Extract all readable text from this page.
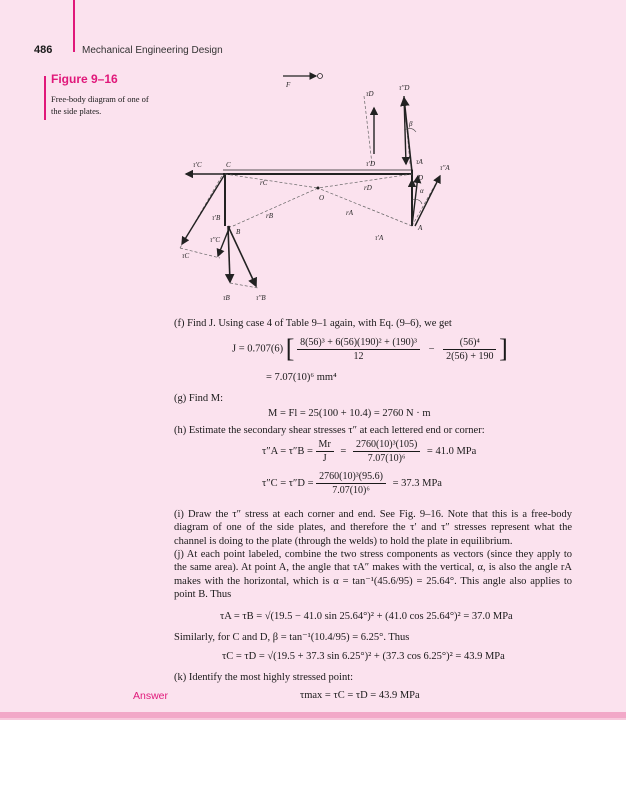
486	Mechanical Engineering Design
Figure 9–16
Free-body diagram of one of the side plates.
F
τD
τ″D
τ′D
β
τA
τ″A
D
α
rD
rA
A
τ′A
O
τ′C	C
rC
rB
τ′B
B
τ″C
τC
τB	τ″B
(f) Find J. Using case 4 of Table 9–1 again, with Eq. (9–6), we get
J = 0.707(6) [ $\frac{\text{8(56)³ + 6(56)(190)² + (190)³}}{12} - \frac{\text{(56)⁴}}{2(56) + 190}$ ]
= 7.07(10)⁶ mm⁴
(g) Find M:
M = Fl = 25(100 + 10.4) = 2760 N · m
(h) Estimate the secondary shear stresses τ″ at each lettered end or corner:
$\tau''A = \tau''B = \frac{Mr}{J} = \frac{\text{2760(10)³(105)}}{\text{7.07(10)⁶}} = 41.0$ MPa
$\tau''C = \tau''D = \frac{\text{2760(10)³(95.6)}}{\text{7.07(10)⁶}} = 37.3$ MPa
(i) Draw the τ″ stress at each corner and end. See Fig. 9–16. Note that this is a free-body diagram of one of the side plates, and therefore the τ′ and τ″ stresses represent what the channel is doing to the plate (through the welds) to hold the plate in equilibrium.
(j) At each point labeled, combine the two stress components as vectors (since they apply to the same area). At point A, the angle that τA″ makes with the vertical, α, is also the angle rA makes with the horizontal, which is α = tan⁻¹(45.6/95) = 25.64°. This angle also applies to point B. Thus
τA = τB = √(19.5 − 41.0 sin 25.64°)² + (41.0 cos 25.64°)² = 37.0 MPa
Similarly, for C and D, β = tan⁻¹(10.4/95) = 6.25°. Thus
τC = τD = √(19.5 + 37.3 sin 6.25°)² + (37.3 cos 6.25°)² = 43.9 MPa
(k) Identify the most highly stressed point:
Answer	τmax = τC = τD = 43.9 MPa
